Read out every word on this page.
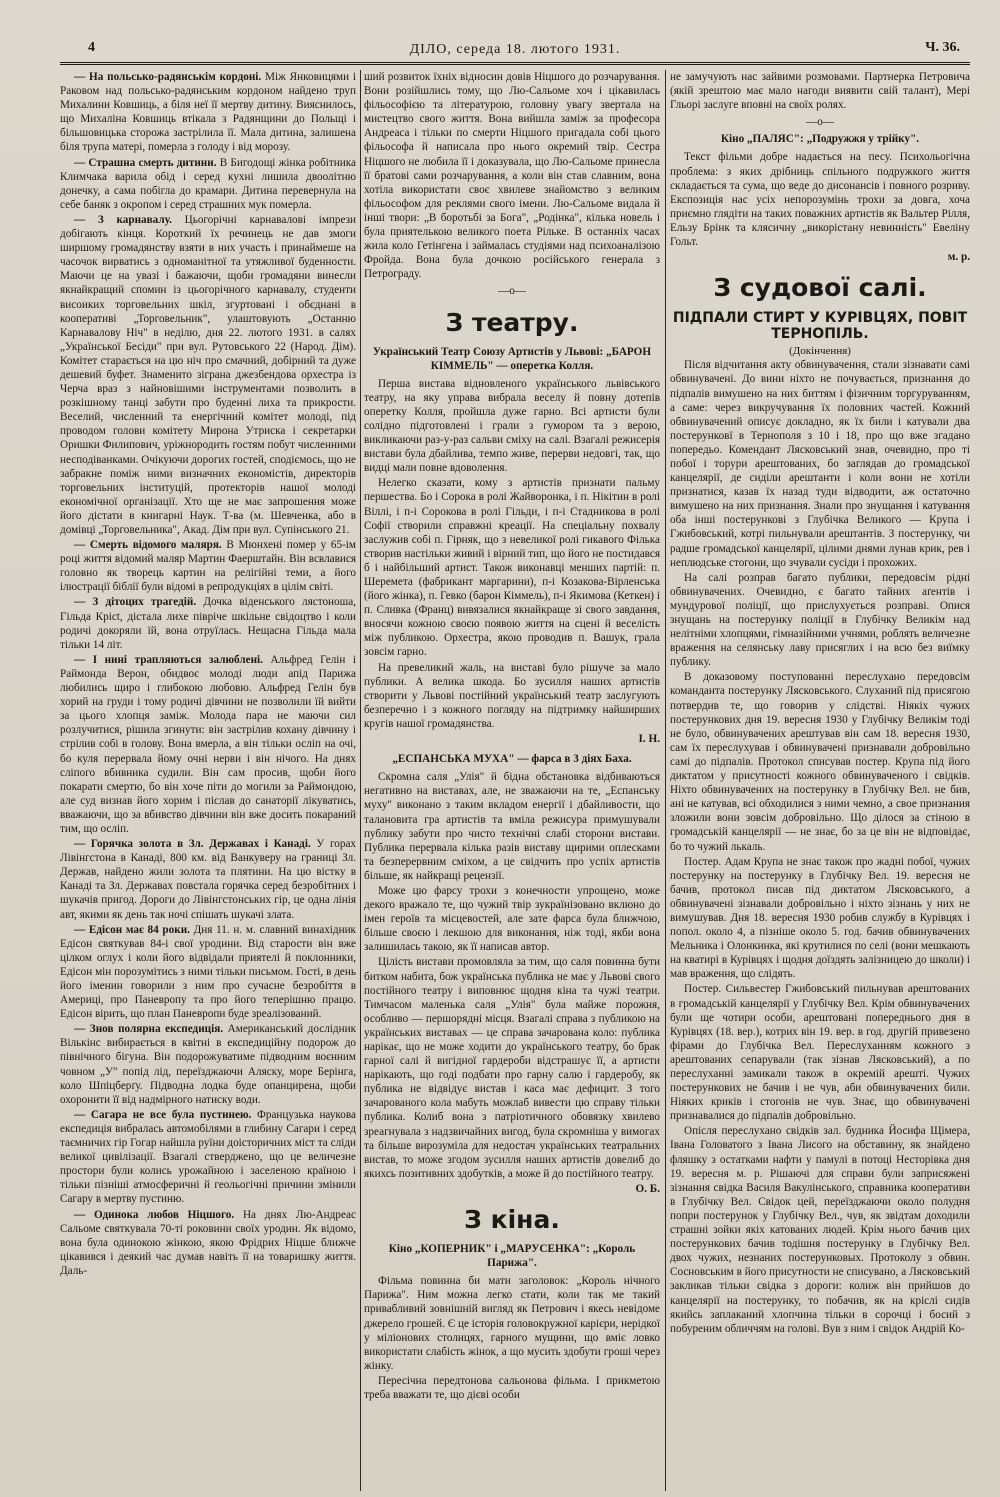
4	ДІЛО, середа 18. лютого 1931.	Ч. 36.

— На польсько-радянськім кордоні. Між Янковицями і Раковом над польсько-радянським кордоном найдено труп Михалини Ковшиць, а біля неї її мертву дитину. Вияснилось, що Михаліна Ковшиць втікала з Радянщини до Польщі і більшовицька сторожа застрілила її. Мала дитина, залишена біля трупа матері, померла з голоду і від морозу.

— Страшна смерть дитини. В Бигодощі жінка робітника Климчака варила обід і серед кухні лишила двоолітню донечку, а сама побігла до крамари. Дитина перевернула на себе баняк з окропом і серед страшних мук померла.

— З карнавалу. Цьогорічні карнавалові імпрези добігають кінця. Короткий їх речинець не дав змоги ширшому громадянству взяти в них участь і принаймеше на часочок вирватись з одноманітної та утяжливої буденности. Маючи це на увазі і бажаючи, щоби громадяни винесли якнайкращий спомин із цьогорічного карнавалу, студенти висоиких торговельних шкіл, згуртовані і обєднані в кооперативі „Торговельник", улаштовують „Останню Карнавалову Ніч" в неділю, дня 22. лютого 1931. в салях „Української Бесіди" при вул. Рутовського 22 (Народ. Дім). Комітет старається на цю ніч про смачний, добірний та дуже дешевий буфет. Знаменито зіграна джезбендова орхестра із Черча враз з найновішими інструментами позволить в розкішному танці забути про буденні лиха та прикрости. Веселий, численний та енергічний комітет молоді, під проводом голови комітету Мирона Утриска і секретарки Оришки Филипович, уріжнородить гостям побут численними несподіванками. Очікуючи дорогих гостей, сподіємось, що не забракне поміж ними визначних економістів, директорів торговельних інституцій, протекторів нашої молоді економічної організації. Хто ще не має запрошення може його дістати в книгарні Наук. Т-ва (м. Шевченка, або в домівці „Торговельника", Акад. Дім при вул. Супінського 21.

— Смерть відомого маляря. В Мюнхені помер у 65-ім році життя відомий маляр Мартин Фаерштайн. Він всвлавися головно як творець картин на релігійні теми, а його ілюстрації біблії були відомі в репродукціях в цілім світі.

— З дітоцих трагедій. Дочка віденського лястоноша, Гільда Крісt, дістала лихе півріче шкільне свідоцтво і коли родичі докоряли їй, вона отруїлась. Нещасна Гільда мала тільки 14 літ.

— І нині трапляються залюблені. Альфред Гелін і Раймонда Верон, обидвоє молоді люди апід Парижа любились щиро і глибокою любовю. Альфред Гелін був хорий на груди і тому родичі дівчини не позволили їй вийти за цього хлопця заміж. Молода пара не маючи сил розлучитися, рішила згинути: він застрілив кохану дівчину і стрілив собі в голову. Вона вмерла, а він тільки осліп на очі, бо куля перервала йому очні нерви і він нічого. На днях сліпого вбивника судили. Він сам просив, щоби його покарати смертю, бо він хоче піти до могили за Раймондою, але суд визнав його хорим і післав до санаторії лікуватись, вважаючи, що за вбивство дівчини він вже досить покараний тим, що осліп.

— Горячка золота в Зл. Державах і Канаді. У горах Лівінгстона в Канаді, 800 км. від Ванкуверу на границі Зл. Держав, найдено жили золота та плятини. На цю вістку в Канаді та Зл. Державах повстала горячка серед безробітних і шукачів пригод. Дороги до Лівінгстонських гір, це одна лінія авт, якими як день так ночі спішать шукачі злата.

— Едісон має 84 роки. Дня 11. н. м. славний винахідник Едісон святкував 84-і свої уродини. Від старости він вже цілком оглух і коли його відвідали приятелі й поклонники, Едісон мін порозумітись з ними тільки письмом. Гості, в день його іменин говорили з ним про сучасне безробіття в Америці, про Паневропу та про його теперішню працю. Едісон вірить, що план Паневропи буде зреалізований.

— Знов полярна експедиція. Американський дослідник Вількінс вибирається в квітні в експедиційну подорож до північного бігуна. Він подорожуватиме підводним воєнним човном „У" попід лід, переїзджаючи Аляску, море Берінга, коло Шпіцберґу. Підводна лодка буде опанцирена, щоби охоронити її від надмірного натиску води.

— Сагара не все була пустинею. Французька наукова експедиція вибралась автомобілями в глибину Сагари і серед таємничих гір Гогар найшла руїни доісторичних міст та сліди великої цивілізації. Взагалі стверджено, що це величезне простори були колись урожайною і заселеною країною і тільки пізніші атмосферичні й геольогічні причини змінили Сагару в мертву пустиню.

— Одинока любов Ніцшого. На днях Лю-Андреас Сальоме святкувала 70-ті роковини своїх уродин. Як відомо, вона була одинокою жінкою, якою Фрідрих Ніцше ближче цікавився і деякий час думав навіть її на товаришку життя. Даль-

ший розвиток їхніх відносин довів Ніцшого до розчарування. Вони розійшлись тому, що Лю-Сальоме хоч і цікавилась фільософією та літературою, головну увагу звертала на мистецтво свого життя. Вона вийшла заміж за професора Андреаса і тільки по смерти Ніцшого пригадала собі цього фільософа й написала про нього окремий твір. Сестра Ніцшого не любила її і доказувала, що Лю-Сальоме принесла її братові сами розчарування, а коли він став славним, вона хотіла використати своє хвилеве знайомство з великим фільософом для реклями свого імени. Лю-Сальоме видала й інші твори: „В боротьбі за Бога", „Родінка", кілька новель і була приятелькою великого поета Рільке. В останніх часах жила коло Гетінгена і займалась студіями над психоаналізою Фройда. Вона була дочкою російського генерала з Петрограду.

—o—
З театру.
Український Театр Союзу Артистів у Львові: „БАРОН КІММЕЛЬ" — оперетка Колля.

Перша вистава відновленого українського львівського театру, на яку управа вибрала веселу й повну дотепів оперетку Колля, пройшла дуже гарно. Всі артисти були солідно підготовлені і грали з гумором та з верою, викликаючи раз-у-раз сальви сміху на салі. Взагалі режисерія вистави була дбайлива, темпо живе, перерви недовгі, так, що видці мали повне вдоволення.

Нелегко сказати, кому з артистів признати пальму першества. Бо і Сорока в ролі Жайворонка, і п. Нікітин в ролі Віллі, і п-і Сорокова в ролі Гільди, і п-і Стадникова в ролі Софії створили справжні креації. На спеціальну похвалу заслужив собі п. Гірняк, що з невеликої ролі гикавого Філька створив настільки живий і вірний тип, що його не постидався б і найбільший артист. Також виконавці менших партій: п. Шеремета (фабрикант маргарини), п-і Козакова-Вірленська (його жінка), п. Гевко (барон Кіммель), п-і Якимова (Кеткен) і п. Сливка (Франц) вивязалися якнайкраще зі свого завдання, вносячи кожною своєю появою життя на сцені й веселість між публикою. Орхестра, якою проводив п. Вашук, грала зовсім гарно.

На превеликий жаль, на виставі було рішуче за мало публики. А велика шкода. Бо зусилля наших артистів створити у Львові постійний український театр заслугують безперечно і з кожного погляду на підтримку найширших кругів нашої громадянства.

І. Н.
„ЕСПАНСЬКА МУХА" — фарса в 3 діях Баха.

Скромна саля „Улія" й бідна обстановка відбиваються негативно на виставах, але, не зважаючи на те, „Еспанську муху" виконано з таким вкладом енергії і дбайливости, що талановита гра артистів та вміла режисура примушували публику забути про чисто технічні слабі сторони вистави. Публика перервала кілька разів виставу щирими оплесками та безперервним сміхом, а це свідчить про успіх артистів більше, як найкращі рецензії.

Може цю фарсу трохи з конечности упрощено, може декого вражало те, що чужий твір зукраїнізовано вклюно до імен героїв та місцевостей, але зате фарса була ближчою, більше своєю і лекшою для виконання, ніж тоді, якби вона залишилась такою, як її написав автор.

Цілість вистави промовляла за тим, що саля повинна бути битком набита, бож українська публика не має у Львові свого постійного театру і виповнює щодня кіна та чужі театри. Тимчасом маленька саля „Улія" була майже порожня, особливо — першорядні місця. Взагалі справа з публикою на українських виставах — це справа зачарована коло: публика нарікає, що не може ходити до українського театру, бо брак гарної салі й вигідної гардероби відстрашує її, а артисти нарікають, що годі подбати про гарну салю і гардеробу, як публика не відвідує вистав і каса має дефицит. З того зачарованого кола мабуть можлаб вивести цю справу тільки публика. Колиб вона з патріотичного обовязку хвилево зреагнувала з надзвичайних вигод, була скромніша у вимогах та більше вирозуміла для недостач українських театральних вистав, то може згодом зусилля наших артистів довелиб до якихсь позитивних здобутків, а може й до постійного театру.

О. Б.
З кіна.
Кіно „КОПЕРНИК" і „МАРУСЕНКА": „Король Парижа".

Фільма повинна би мати заголовок: „Король нічного Парижа". Ним можна легко стати, коли так ме такий привабливий зовнішній вигляд як Петрович і якесь невідоме джерело грошей. Є це історія головокружної карієри, нерідкої у міліонових столицях, гарного мущини, що вміє ловко використати слабість жінок, а що мусить здобути гроші через жінку.

Пересічна передтонова сальонова фільма. І прикметою треба вважати те, що дієві особи

не замучують нас зайвими розмовами. Партнерка Петровича (якій зрештою має мало нагоди виявити свій талант), Мері Гльорі заслуге вповні на своїх ролях.

—o—
Кіно „ПАЛЯС": „Подружжя у трійку".

Текст фільми добре надається на песу. Психольогічна проблема: з яких дрібниць спільного подружкого життя складається та сума, що веде до дисонансів і повного розриву. Експозиція нас усіх непорозумінь трохи за довга, хоча приємно глядіти на таких поважних артистів як Вальтер Рілля, Ельзу Брінк та клясичну „викорістану невинність" Евеліну Гольт.

м. р.
З судової салі.
ПІДПАЛИ СТИРТ У КУРІВЦЯХ, ПОВІТ ТЕРНОПІЛЬ.
(Докінчення)

Після відчитання акту обвинувачення, стали зізнавати самі обвинувачені. До вини ніхто не почувається, признання до підпалів вимушено на них биттям і фізичним торгуруванням, а саме: через викручування їх половних частей. Кожний обвинувачений описує докладно, як їх били і катували два постерунковї в Тернополя з 10 і 18, про що вже згадано попередьо. Комендант Лясковський знав, очевидно, про ті побої і торури арештованих, бо заглядав до громадської канцелярії, де сиділи арештанти і коли вони не хотіли признатися, казав їх назад туди відводити, аж остаточно вимушено на них признання. Знали про знущання і катування оба інші постерункові з Глубічка Великого — Крупа і Гжибовський, котрі пильнували арештантів. З постерунку, чи радше громадської канцелярії, цілими днями лунав крик, рев і неплюдське стогони, що зчували сусіди і прохожих.

На салі розправ багато публики, передовсім рідні обвинувачених. Очевидно, є багато тайних аґентів і мундурової поліції, що прислухується розправі. Опися знущань на постерунку поліції в Глубічку Великім над нелітніми хлопцями, гімназійними учнями, роблять величезне враження на селянську лаву присяглих і на всю без виїмку публику.

В доказовому поступованні переслухано передовсім команданта постерунку Лясковського. Слуханий під присягою потвердив те, що говорив у слідстві. Ніякіх чужих постерункових дня 19. вересня 1930 у Глубічку Великім тоді не було, обвинувачених арештував він сам 18. вересня 1930, сам їх переслухував і обвинувачені признавали добровільно самі до підпалів. Протокол списував постер. Крупа під його диктатом у присутності кожного обвинуваченого і свідків. Ніхто обвинувачених на постерунку в Глубічку Вел. не бив, ані не катував, всі обходилися з ними чемно, а свое признания зложили вони зовсім добровільно. Що ділося за стіною в громадській канцелярії — не знає, бо за це він не відповідає, бо то чужий лькаль.

Постер. Адам Крупа не знає також про жадні побої, чужих постерунку на постерунку в Глубічку Вел. 19. вересня не бачив, протокол писав під диктатом Лясковського, а обвинувачені зізнавали добровільно і ніхто зізнань у них не вимушував. Дня 18. вересня 1930 робив службу в Курівцях і попол. около 4, а пізніше около 5. год. бачив обвинувачених Мельника і Олонкинка, які крутилися по селі (вони мешкають на кватирі в Курівцях і щодня доїздять залізницею до школи) і мав враження, що слідять.

Постер. Сильвестер Гжибовський пильнував арештованих в громадській канцелярії у Глубічку Вел. Крім обвинувачених були ще чотири особи, арештовані попереднього дня в Курівцях (18. вер.), котрих він 19. вер. в год. другій привезено фірами до Глубічка Вел. Переслуханням кожного з арештованих сепарували (так зізнав Лясковський), а по переслуханні замикали також в окремій арешті. Чужих постерункових не бачив і не чув, аби обвинувачених били. Ніяких криків і стогонів не чув. Знає, що обвинувачені признавалися до підпалів добровільно.

Опісля переслухано свідків зал. будника Йосифа Щімера, Івана Головатого з Івана Лисого на обставину, як знайдено фляшку з остатками нафти у памулі в потоці Несторівка дня 19. вересня м. р. Рішаючі для справи були заприсяжені зізнання свідка Василя Вакулінського, справника кооперативи в Глубічку Вел. Свідок цей, переїзджаючи около полудня попри постерунок у Глубічку Вел., чув, як звідтам доходили страшні зойки якіх катованих людей. Крім нього бачив цих постерункових бачив тодішня постерунку в Глубічку Вел. двох чужих, незнаних постерунковых. Протоколу з обвин. Сосновським в його присутности не списувано, а Лясковський закликав тільки свідка з дороги: колиж він прийшов до канцелярії на постерунку, то побачив, як на кріслі сидів якийсь заплаканий хлопчина тільки в сорочці і босий з побуреним обличчям на голові. Вув з ним і свідок Андрій Ко-
